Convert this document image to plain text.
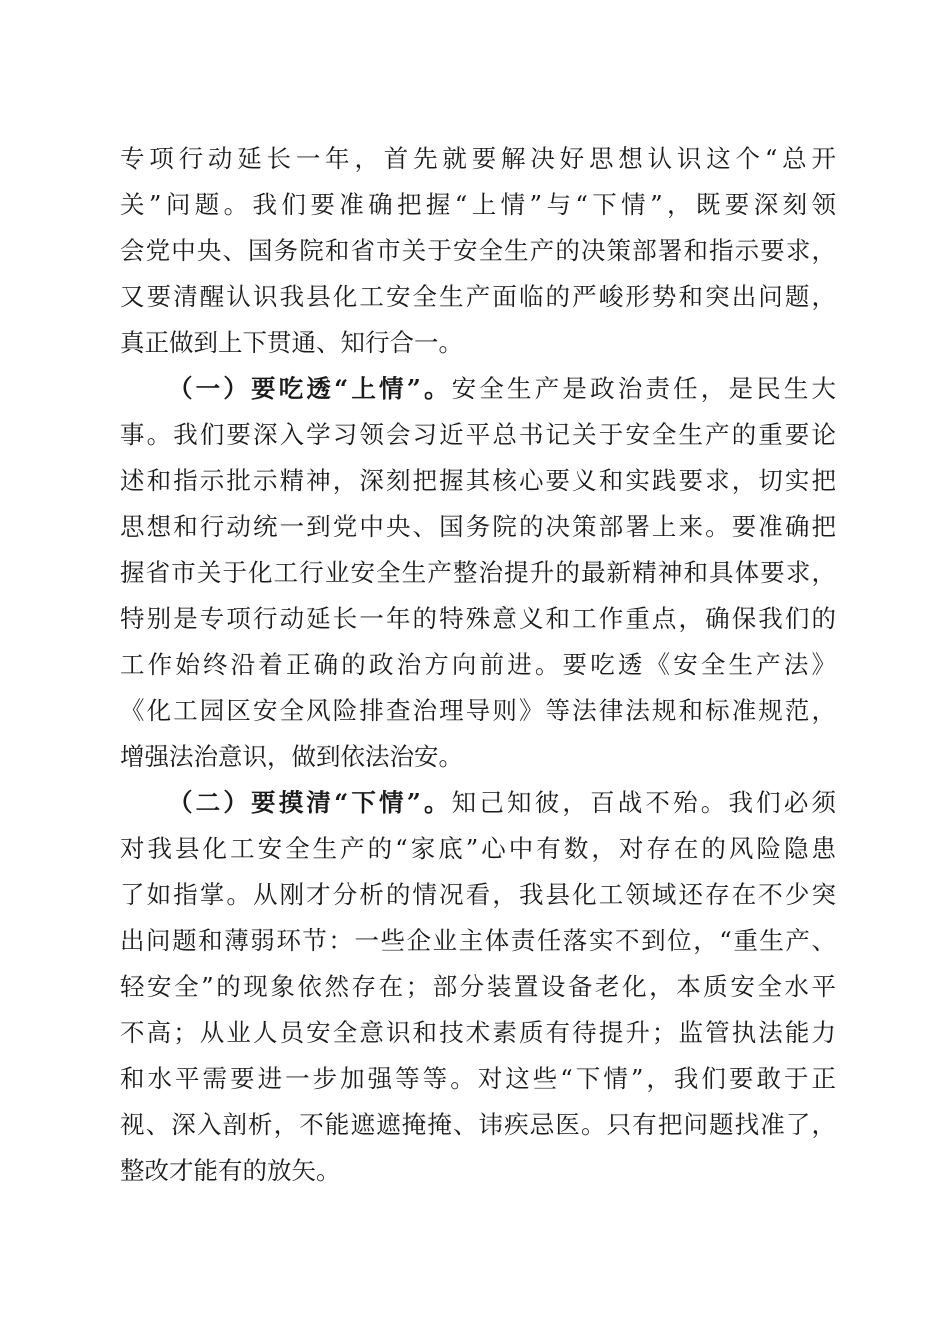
专项行动延长一年，首先就要解决好思想认识这个“总开
关”问题。我们要准确把握“上情”与“下情”，既要深刻领
会党中央、国务院和省市关于安全生产的决策部署和指示要求，
又要清醒认识我县化工安全生产面临的严峻形势和突出问题，
真正做到上下贯通、知行合一。
（一）要吃透“上情”。安全生产是政治责任，是民生大
事。我们要深入学习领会习近平总书记关于安全生产的重要论
述和指示批示精神，深刻把握其核心要义和实践要求，切实把
思想和行动统一到党中央、国务院的决策部署上来。要准确把
握省市关于化工行业安全生产整治提升的最新精神和具体要求，
特别是专项行动延长一年的特殊意义和工作重点，确保我们的
工作始终沿着正确的政治方向前进。要吃透《安全生产法》
《化工园区安全风险排查治理导则》等法律法规和标准规范，
增强法治意识，做到依法治安。
（二）要摸清“下情”。知己知彼，百战不殆。我们必须
对我县化工安全生产的“家底”心中有数，对存在的风险隐患
了如指掌。从刚才分析的情况看，我县化工领域还存在不少突
出问题和薄弱环节：一些企业主体责任落实不到位，“重生产、
轻安全”的现象依然存在；部分装置设备老化，本质安全水平
不高；从业人员安全意识和技术素质有待提升；监管执法能力
和水平需要进一步加强等等。对这些“下情”，我们要敢于正
视、深入剖析，不能遮遮掩掩、讳疾忌医。只有把问题找准了，
整改才能有的放矢。
